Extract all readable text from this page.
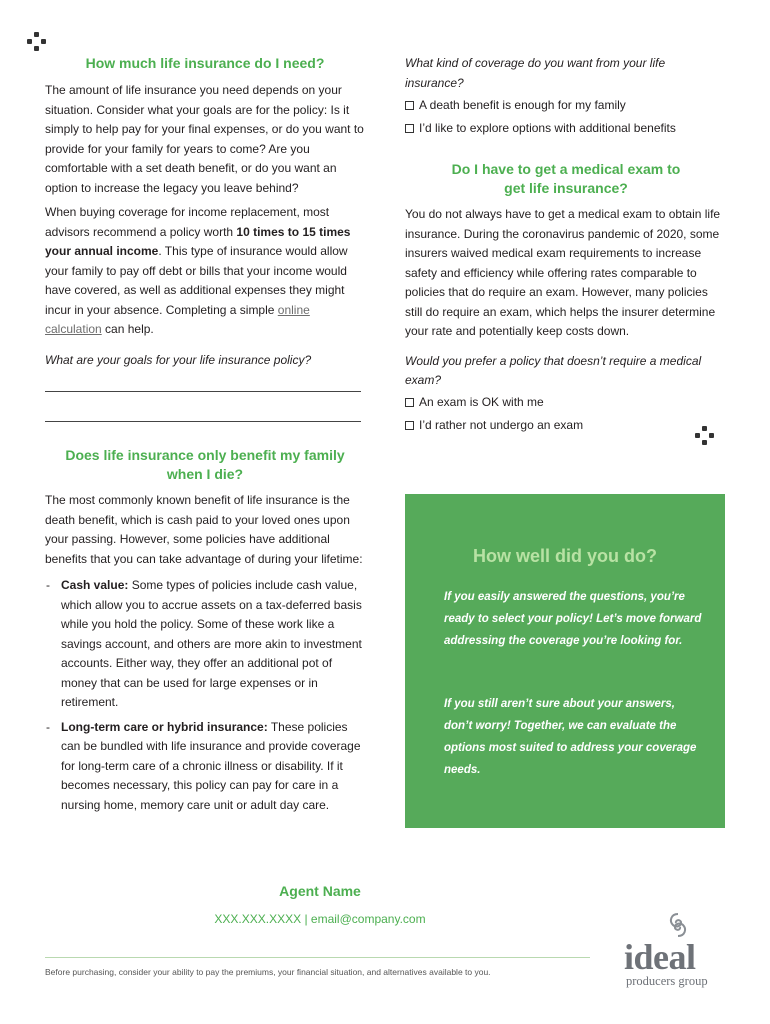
How much life insurance do I need?

The amount of life insurance you need depends on your situation. Consider what your goals are for the policy: Is it simply to help pay for your final expenses, or do you want to provide for your family for years to come? Are you comfortable with a set death benefit, or do you want an option to increase the legacy you leave behind?

When buying coverage for income replacement, most advisors recommend a policy worth 10 times to 15 times your annual income. This type of insurance would allow your family to pay off debt or bills that your income would have covered, as well as additional expenses they might incur in your absence. Completing a simple online calculation can help.

What are your goals for your life insurance policy?

Does life insurance only benefit my family when I die?

The most commonly known benefit of life insurance is the death benefit, which is cash paid to your loved ones upon your passing. However, some policies have additional benefits that you can take advantage of during your lifetime:

- Cash value: Some types of policies include cash value, which allow you to accrue assets on a tax-deferred basis while you hold the policy. Some of these work like a savings account, and others are more akin to investment accounts. Either way, they offer an additional pot of money that can be used for large expenses or in retirement.
- Long-term care or hybrid insurance: These policies can be bundled with life insurance and provide coverage for long-term care of a chronic illness or disability. If it becomes necessary, this policy can pay for care in a nursing home, memory care unit or adult day care.

What kind of coverage do you want from your life insurance?

A death benefit is enough for my family
I’d like to explore options with additional benefits
Do I have to get a medical exam to get life insurance?

You do not always have to get a medical exam to obtain life insurance. During the coronavirus pandemic of 2020, some insurers waived medical exam requirements to increase safety and efficiency while offering rates comparable to policies that do require an exam. However, many policies still do require an exam, which helps the insurer determine your rate and potentially keep costs down.

Would you prefer a policy that doesn’t require a medical exam?

An exam is OK with me
I’d rather not undergo an exam
How well did you do?

If you easily answered the questions, you’re ready to select your policy! Let’s move forward addressing the coverage you’re looking for.

If you still aren’t sure about your answers, don’t worry! Together, we can evaluate the options most suited to address your coverage needs.

Agent Name
XXX.XXX.XXXX | email@company.com
Before purchasing, consider your ability to pay the premiums, your financial situation, and alternatives available to you.	ideal
producers group
